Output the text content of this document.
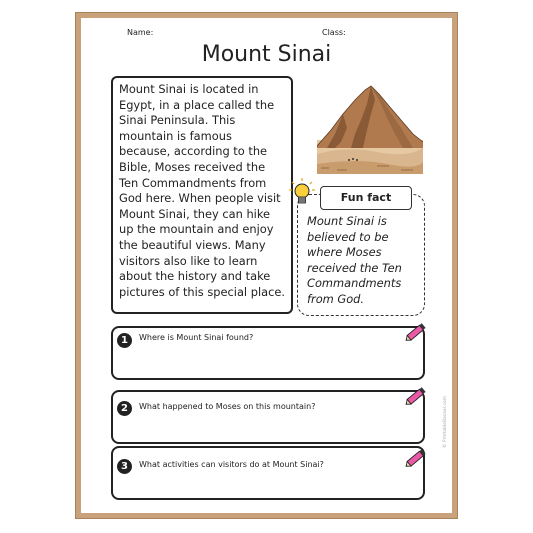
Name:	Class:
Mount Sinai
Mount Sinai is located in Egypt, in a place called the Sinai Peninsula. This mountain is famous because, according to the Bible, Moses received the Ten Commandments from God here. When people visit Mount Sinai, they can hike up the mountain and enjoy the beautiful views. Many visitors also like to learn about the history and take pictures of this special place.
Fun fact
Mount Sinai is believed to be where Moses received the Ten Commandments from God.
1	Where is Mount Sinai found?
2	What happened to Moses on this mountain?
3	What activities can visitors do at Mount Sinai?
© PrintableBazaar.com
